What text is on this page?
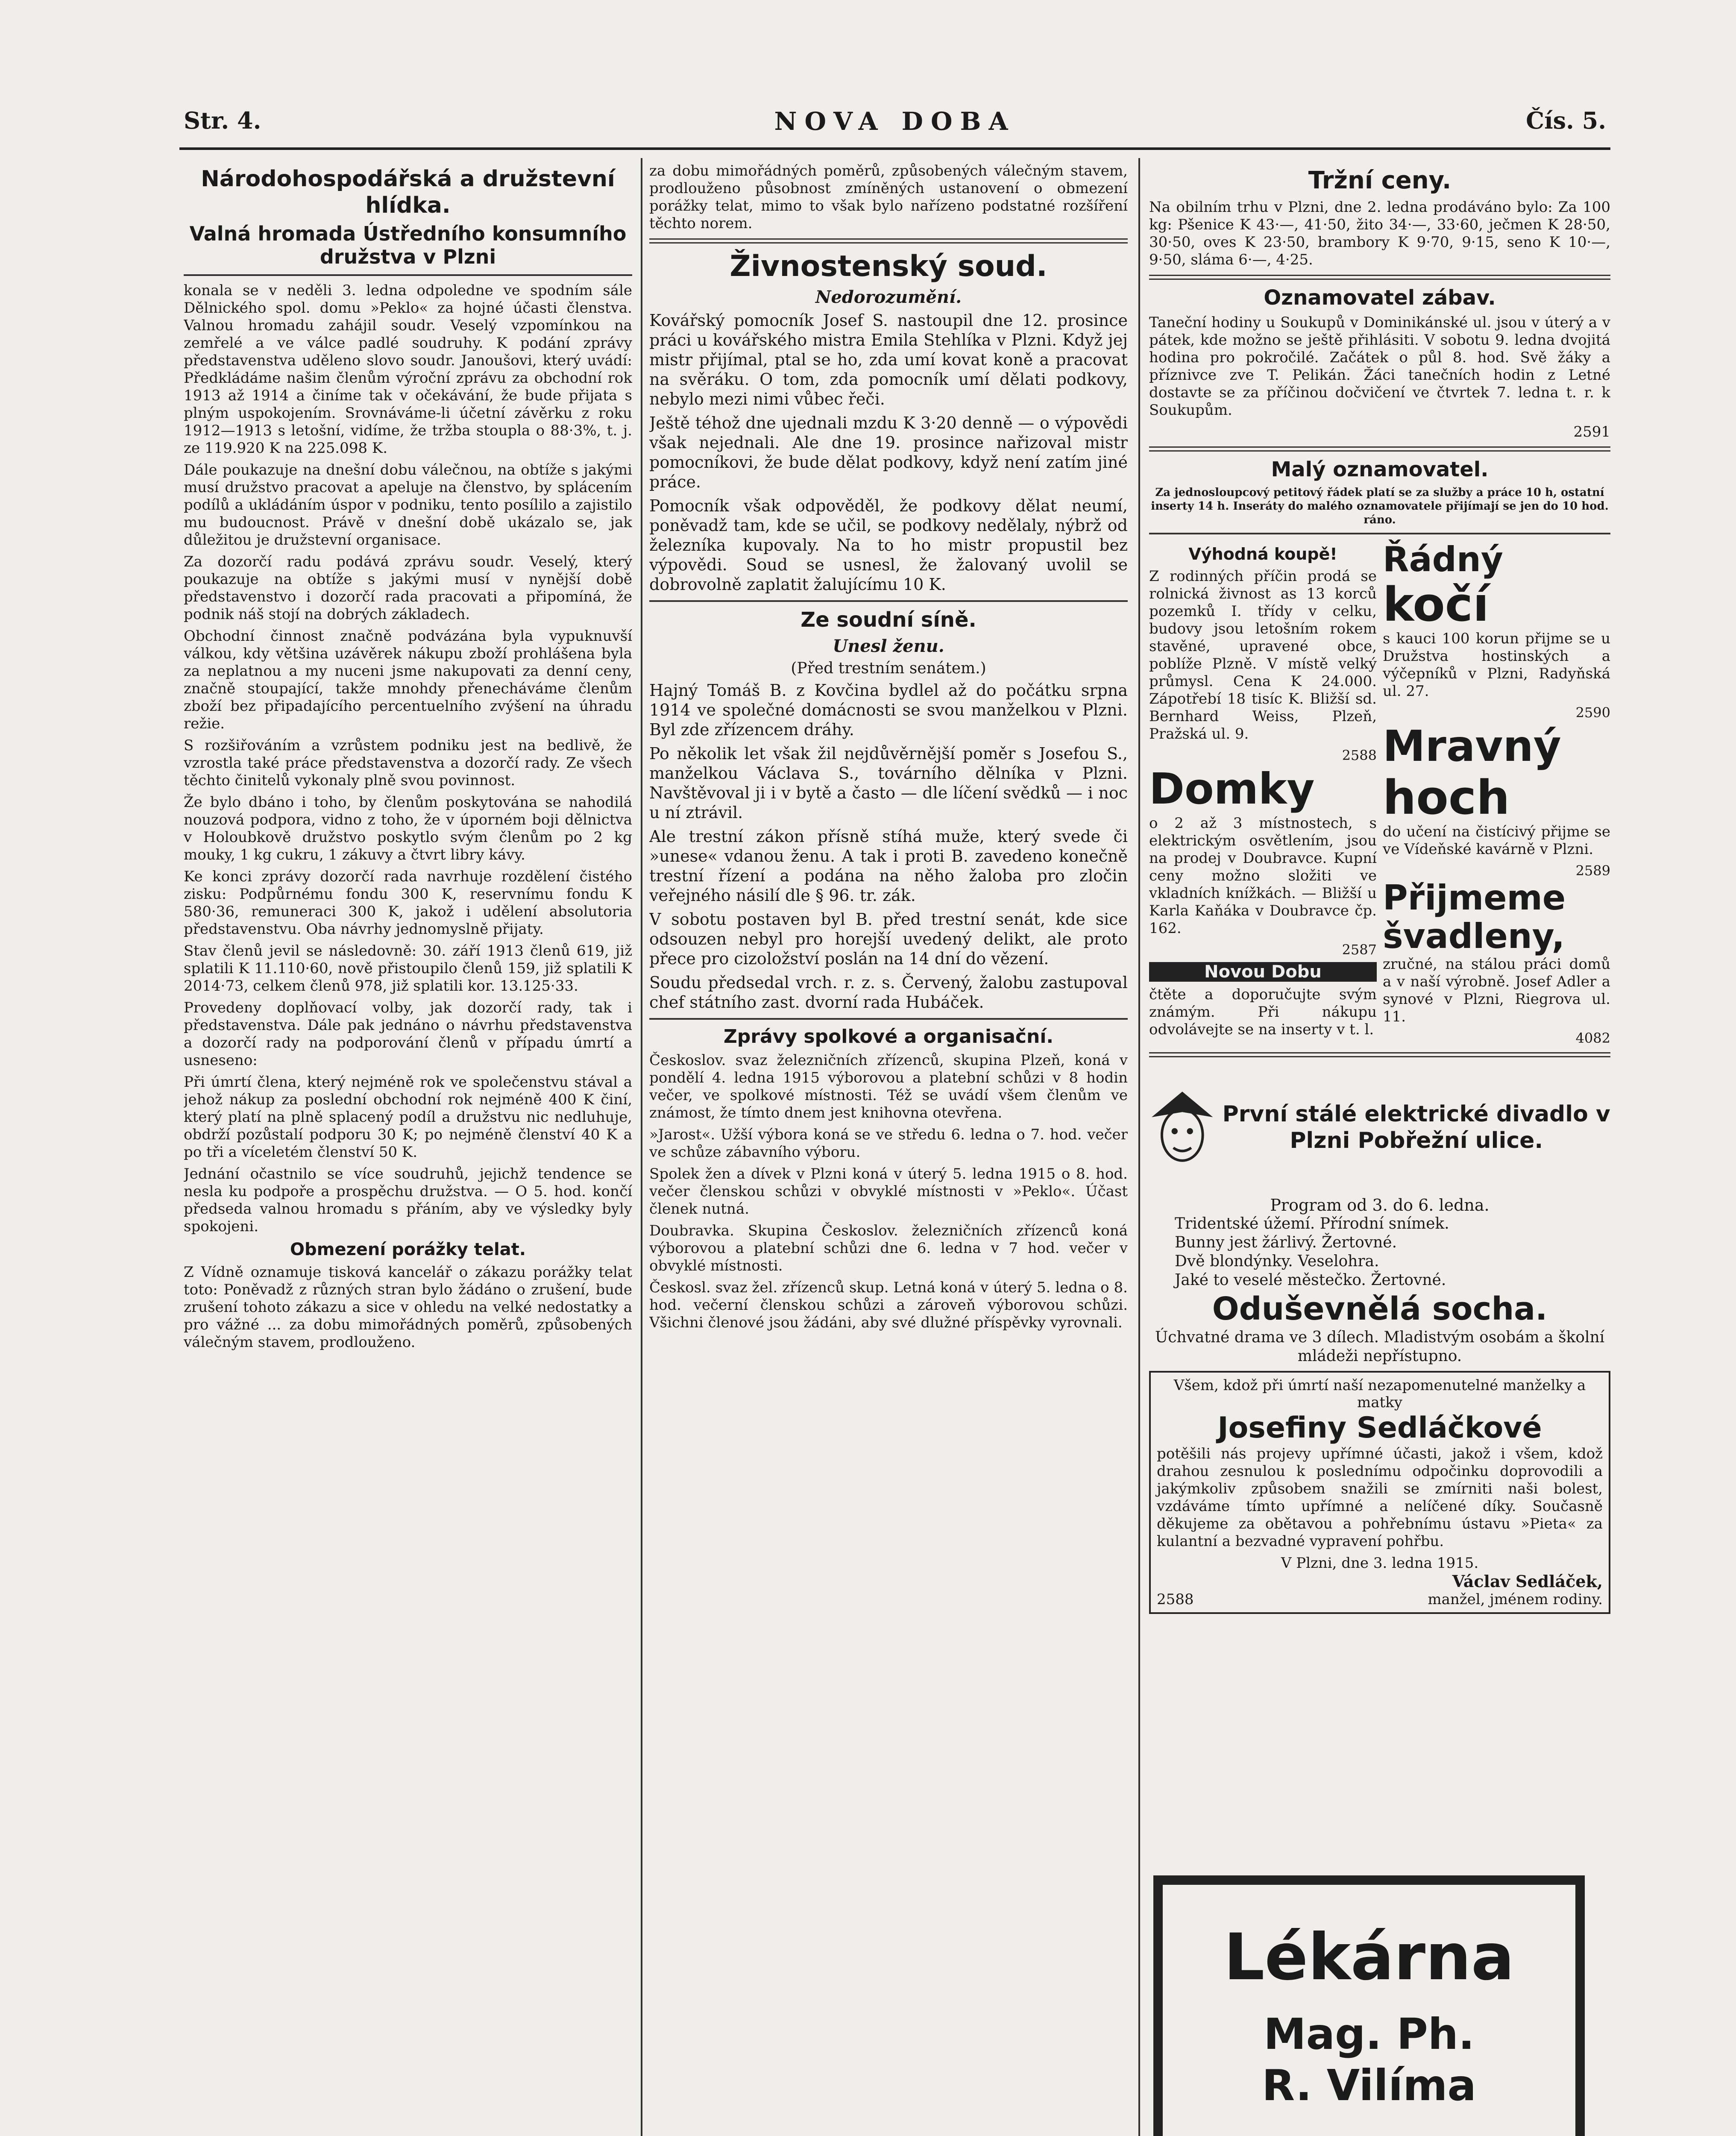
Str. 4.	NOVA DOBA	Čís. 5.
Národohospodářská a družstevní hlídka.
Valná hromada Ústředního konsumního družstva v Plzni

konala se v neděli 3. ledna odpoledne ve spodním sále Dělnického spol. domu »Peklo« za hojné účasti členstva. Valnou hromadu zahájil soudr. Veselý vzpomínkou na zemřelé a ve válce padlé soudruhy. K podání zprávy představenstva uděleno slovo soudr. Janoušovi, který uvádí: Předkládáme našim členům výroční zprávu za obchodní rok 1913 až 1914 a činíme tak v očekávání, že bude přijata s plným uspokojením. Srovnáváme-li účetní závěrku z roku 1912—1913 s letošní, vidíme, že tržba stoupla o 88·3%, t. j. ze 119.920 K na 225.098 K.

Dále poukazuje na dnešní dobu válečnou, na obtíže s jakými musí družstvo pracovat a apeluje na členstvo, by splácením podílů a ukládáním úspor v podniku, tento posílilo a zajistilo mu budoucnost. Právě v dnešní době ukázalo se, jak důležitou je družstevní organisace.

Za dozorčí radu podává zprávu soudr. Veselý, který poukazuje na obtíže s jakými musí v nynější době představenstvo i dozorčí rada pracovati a připomíná, že podnik náš stojí na dobrých základech.

Obchodní činnost značně podvázána byla vypuknuvší válkou, kdy většina uzávěrek nákupu zboží prohlášena byla za neplatnou a my nuceni jsme nakupovati za denní ceny, značně stoupající, takže mnohdy přenecháváme členům zboží bez připadajícího percentuelního zvýšení na úhradu režie.

S rozšiřováním a vzrůstem podniku jest na bedlivě, že vzrostla také práce představenstva a dozorčí rady. Ze všech těchto činitelů vykonaly plně svou povinnost.

Že bylo dbáno i toho, by členům poskytována se nahodilá nouzová podpora, vidno z toho, že v úporném boji dělnictva v Holoubkově družstvo poskytlo svým členům po 2 kg mouky, 1 kg cukru, 1 zákuvy a čtvrt libry kávy.

Ke konci zprávy dozorčí rada navrhuje rozdělení čistého zisku: Podpůrnému fondu 300 K, reservnímu fondu K 580·36, remuneraci 300 K, jakož i udělení absolutoria představenstvu. Oba návrhy jednomyslně přijaty.

Stav členů jevil se následovně: 30. září 1913 členů 619, již splatili K 11.110·60, nově přistoupilo členů 159, již splatili K 2014·73, celkem členů 978, již splatili kor. 13.125·33.

Provedeny doplňovací volby, jak dozorčí rady, tak i představenstva. Dále pak jednáno o návrhu představenstva a dozorčí rady na podporování členů v případu úmrtí a usneseno:

Při úmrtí člena, který nejméně rok ve společenstvu stával a jehož nákup za poslední obchodní rok nejméně 400 K činí, který platí na plně splacený podíl a družstvu nic nedluhuje, obdrží pozůstalí podporu 30 K; po nejméně členství 40 K a po tři a víceletém členství 50 K.

Jednání očastnilo se více soudruhů, jejichž tendence se nesla ku podpoře a prospěchu družstva. — O 5. hod. končí předseda valnou hromadu s přáním, aby ve výsledky byly spokojeni.

Obmezení porážky telat.

Z Vídně oznamuje tisková kancelář o zákazu porážky telat toto: Poněvadž z různých stran bylo žádáno o zrušení, bude zrušení tohoto zákazu a sice v ohledu na velké nedostatky a pro vážné ... za dobu mimořádných poměrů, způsobených válečným stavem, prodlouženo.

za dobu mimořádných poměrů, způsobených válečným stavem, prodlouženo působnost zmíněných ustanovení o obmezení porážky telat, mimo to však bylo nařízeno podstatné rozšíření těchto norem.

Živnostenský soud.
Nedorozumění.

Kovářský pomocník Josef S. nastoupil dne 12. prosince práci u kovářského mistra Emila Stehlíka v Plzni. Když jej mistr přijímal, ptal se ho, zda umí kovat koně a pracovat na svěráku. O tom, zda pomocník umí dělati podkovy, nebylo mezi nimi vůbec řeči.

Ještě téhož dne ujednali mzdu K 3·20 denně — o výpovědi však nejednali. Ale dne 19. prosince nařizoval mistr pomocníkovi, že bude dělat podkovy, když není zatím jiné práce.

Pomocník však odpověděl, že podkovy dělat neumí, poněvadž tam, kde se učil, se podkovy nedělaly, nýbrž od železníka kupovaly. Na to ho mistr propustil bez výpovědi. Soud se usnesl, že žalovaný uvolil se dobrovolně zaplatit žalujícímu 10 K.

Ze soudní síně.
Unesl ženu.
(Před trestním senátem.)

Hajný Tomáš B. z Kovčina bydlel až do počátku srpna 1914 ve společné domácnosti se svou manželkou v Plzni. Byl zde zřízencem dráhy.

Po několik let však žil nejdůvěrnější poměr s Josefou S., manželkou Václava S., továrního dělníka v Plzni. Navštěvoval ji i v bytě a často — dle líčení svědků — i noc u ní ztrávil.

Ale trestní zákon přísně stíhá muže, který svede či »unese« vdanou ženu. A tak i proti B. zavedeno konečně trestní řízení a podána na něho žaloba pro zločin veřejného násilí dle § 96. tr. zák.

V sobotu postaven byl B. před trestní senát, kde sice odsouzen nebyl pro horejší uvedený delikt, ale proto přece pro cizoložství poslán na 14 dní do vězení.

Soudu předsedal vrch. r. z. s. Červený, žalobu zastupoval chef státního zast. dvorní rada Hubáček.

Zprávy spolkové a organisační.

Českoslov. svaz železničních zřízenců, skupina Plzeň, koná v pondělí 4. ledna 1915 výborovou a platební schůzi v 8 hodin večer, ve spolkové místnosti. Též se uvádí všem členům ve známost, že tímto dnem jest knihovna otevřena.

»Jarost«. Užší výbora koná se ve středu 6. ledna o 7. hod. večer ve schůze zábavního výboru.

Spolek žen a dívek v Plzni koná v úterý 5. ledna 1915 o 8. hod. večer členskou schůzi v obvyklé místnosti v »Peklo«. Účast členek nutná.

Doubravka. Skupina Českoslov. železničních zřízenců koná výborovou a platební schůzi dne 6. ledna v 7 hod. večer v obvyklé místnosti.

Českosl. svaz žel. zřízenců skup. Letná koná v úterý 5. ledna o 8. hod. večerní členskou schůzi a zároveň výborovou schůzi. Všichni členové jsou žádáni, aby své dlužné příspěvky vyrovnali.

Tržní ceny.

Na obilním trhu v Plzni, dne 2. ledna prodáváno bylo: Za 100 kg: Pšenice K 43·—, 41·50, žito 34·—, 33·60, ječmen K 28·50, 30·50, oves K 23·50, brambory K 9·70, 9·15, seno K 10·—, 9·50, sláma 6·—, 4·25.

Oznamovatel zábav.

Taneční hodiny u Soukupů v Dominikánské ul. jsou v úterý a v pátek, kde možno se ještě přihlásiti. V sobotu 9. ledna dvojitá hodina pro pokročilé. Začátek o půl 8. hod. Svě žáky a příznivce zve T. Pelikán. Žáci tanečních hodin z Letné dostavte se za příčinou dočvičení ve čtvrtek 7. ledna t. r. k Soukupům.

2591
Malý oznamovatel.
Za jednosloupcový petitový řádek platí se za služby a práce 10 h, ostatní inserty 14 h. Inseráty do malého oznamovatele přijímají se jen do 10 hod. ráno.
Výhodná koupě!

Z rodinných příčin prodá se rolnická živnost as 13 korců pozemků I. třídy v celku, budovy jsou letošním rokem stavěné, upravené obce, poblíže Plzně. V místě velký průmysl. Cena K 24.000. Zápotřebí 18 tisíc K. Bližší sd. Bernhard Weiss, Plzeň, Pražská ul. 9.

2588
Domky

o 2 až 3 místnostech, s elektrickým osvětlením, jsou na prodej v Doubravce. Kupní ceny možno složiti ve vkladních knížkách. — Bližší u Karla Kaňáka v Doubravce čp. 162.

2587
Novou Dobu

čtěte a doporučujte svým známým. Při nákupu odvolávejte se na inserty v t. l.

Řádný
kočí

s kauci 100 korun přijme se u Družstva hostinských a výčepníků v Plzni, Radyňská ul. 27.

2590
Mravný
hoch

do učení na čistícivý přijme se ve Vídeňské kavárně v Plzni.

2589
Přijmeme
švadleny,

zručné, na stálou práci domů a v naší výrobně. Josef Adler a synové v Plzni, Riegrova ul. 11.

4082
První stálé elektrické divadlo v Plzni Pobřežní ulice.
Program od 3. do 6. ledna.
Tridentské úžemí. Přírodní snímek.
Bunny jest žárlivý. Žertovné.
Dvě blondýnky. Veselohra.
Jaké to veselé městečko. Žertovné.
Oduševnělá socha.
Úchvatné drama ve 3 dílech. Mladistvým osobám a školní mládeži nepřístupno.
Všem, kdož při úmrtí naší nezapomenutelné manželky a matky
Josefiny Sedláčkové

potěšili nás projevy upřímné účasti, jakož i všem, kdož drahou zesnulou k poslednímu odpočinku doprovodili a jakýmkoliv způsobem snažili se zmírniti naši bolest, vzdáváme tímto upřímné a nelíčené díky. Současně děkujeme za obětavou a pohřebnímu ústavu »Pieta« za kulantní a bezvadné vypravení pohřbu.

V Plzni, dne 3. ledna 1915.
Václav Sedláček,
2588	manžel, jménem rodiny.
Lékárna
Mag. Ph.
R. Vilíma
